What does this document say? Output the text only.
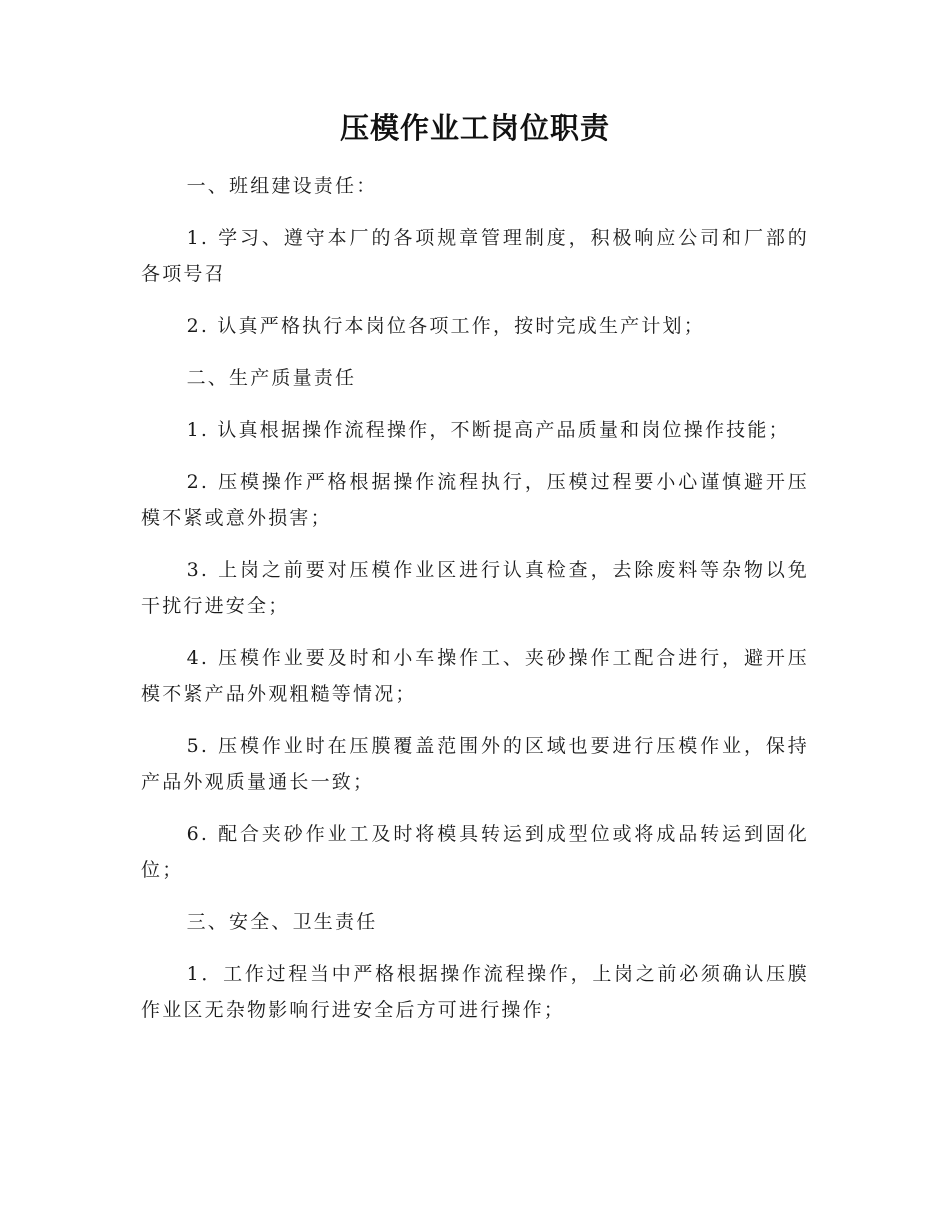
压模作业工岗位职责

一、班组建设责任：

1. 学习、遵守本厂的各项规章管理制度，积极响应公司和厂部的各项号召

2. 认真严格执行本岗位各项工作，按时完成生产计划；

二、生产质量责任

1. 认真根据操作流程操作，不断提高产品质量和岗位操作技能；

2. 压模操作严格根据操作流程执行，压模过程要小心谨慎避开压模不紧或意外损害；

3. 上岗之前要对压模作业区进行认真检查，去除废料等杂物以免干扰行进安全；

4. 压模作业要及时和小车操作工、夹砂操作工配合进行，避开压模不紧产品外观粗糙等情况；

5. 压模作业时在压膜覆盖范围外的区域也要进行压模作业，保持产品外观质量通长一致；

6. 配合夹砂作业工及时将模具转运到成型位或将成品转运到固化位；

三、安全、卫生责任

1．工作过程当中严格根据操作流程操作，上岗之前必须确认压膜作业区无杂物影响行进安全后方可进行操作；
